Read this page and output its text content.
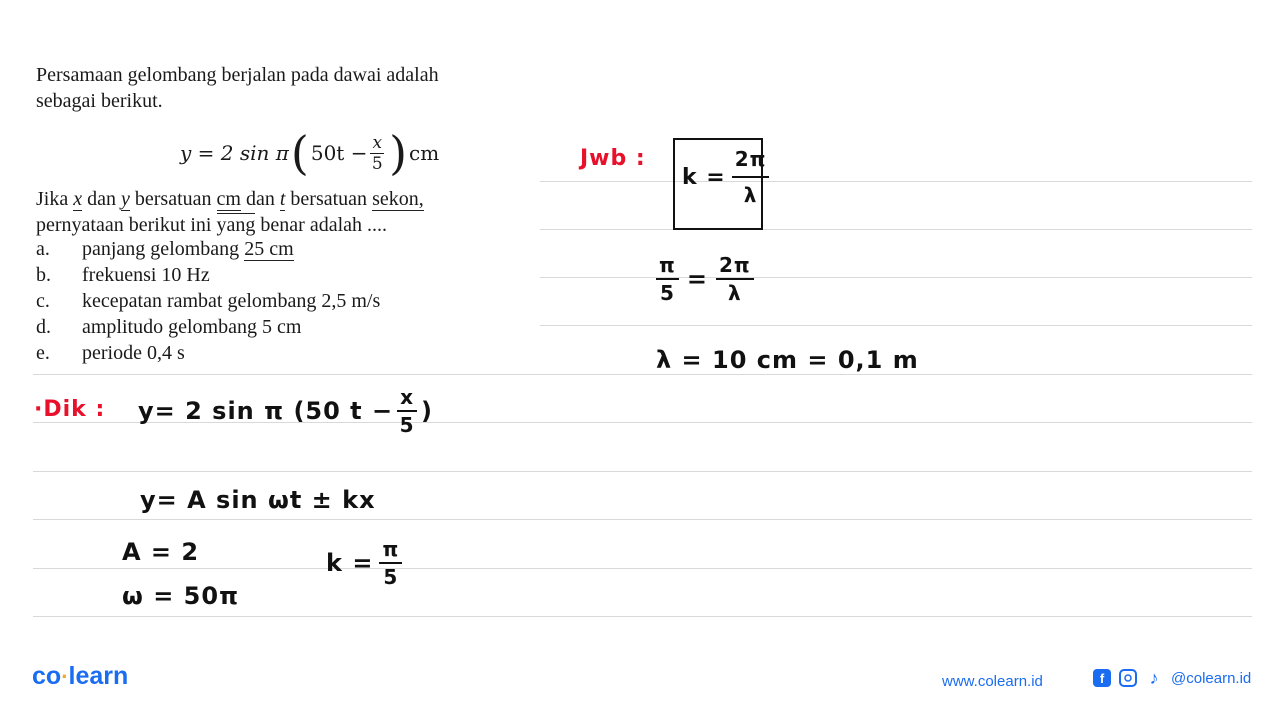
Persamaan gelombang berjalan pada dawai adalah

sebagai berikut.

y = 2 sin π ( $50t - \frac{x}{5}$ ) cm
Jika x dan y bersatuan cm dan t bersatuan sekon,
pernyataan berikut ini yang benar adalah ....
a. panjang gelombang 25 cm
b. frekuensi 10 Hz
c. kecepatan rambat gelombang 2,5 m/s
d. amplitudo gelombang 5 cm
e. periode 0,4 s
·Dik : y= 2 sin π (50 $t - \frac{x}{5}$ )
y= A sin ωt ± kx
A = 2
ω = 50π
$k = \frac{\pi}{5}$
Jwb :
$k = \frac{2\pi}{\lambda}$
$\frac{\pi}{5} = \frac{2\pi}{\lambda}$
λ = 10 cm = 0,1 m
co·learn	www.colearn.id	f	♪ @colearn.id
